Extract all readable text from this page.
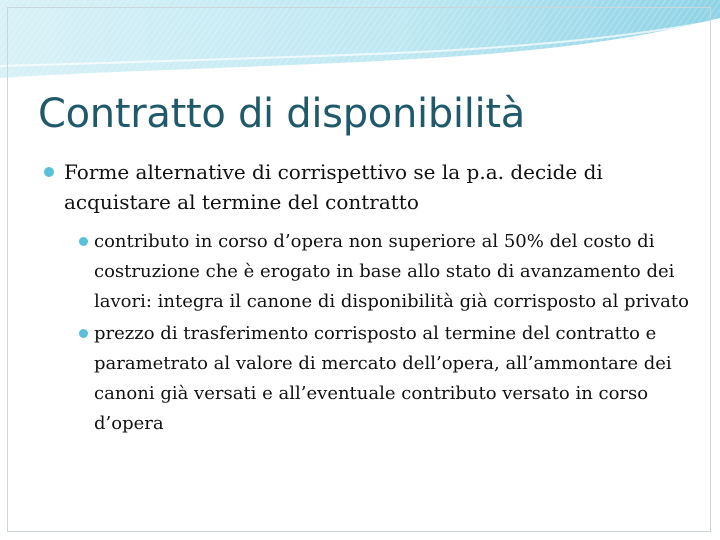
Contratto di disponibilità
Forme alternative di corrispettivo se la p.a. decide di acquistare al termine del contratto
contributo in corso d’opera non superiore al 50% del costo di costruzione che è erogato in base allo stato di avanzamento dei lavori: integra il canone di disponibilità già corrisposto al privato
prezzo di trasferimento corrisposto al termine del contratto e parametrato al valore di mercato dell’opera, all’ammontare dei canoni già versati e all’eventuale contributo versato in corso d’opera
